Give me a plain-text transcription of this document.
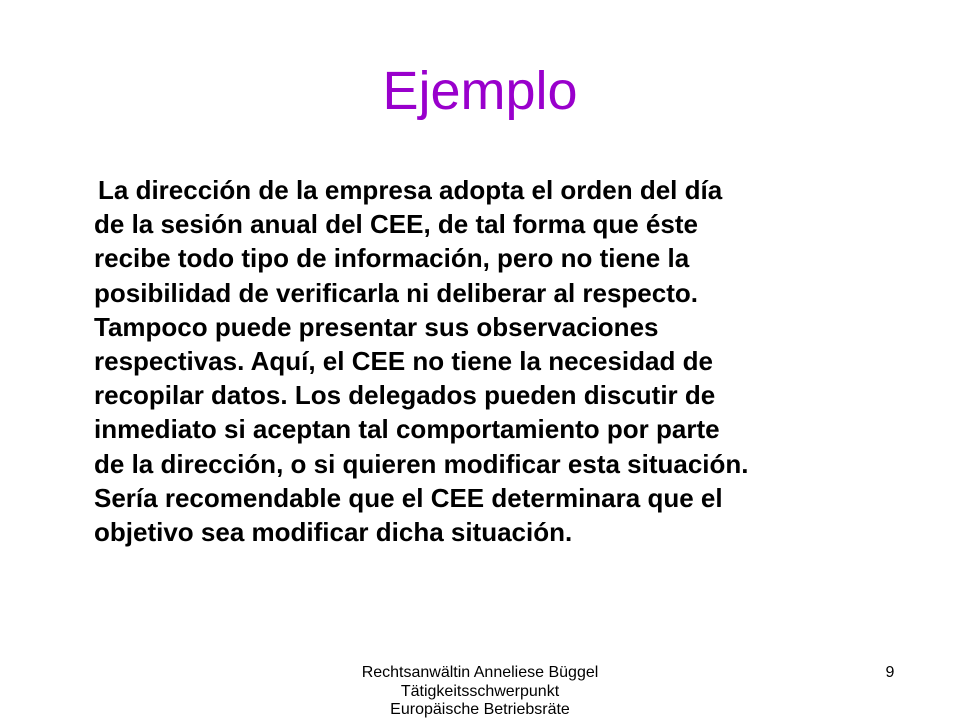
Ejemplo
La dirección de la empresa adopta el orden del día
de la sesión anual del CEE, de tal forma que éste
recibe todo tipo de información, pero no tiene la
posibilidad de verificarla ni deliberar al respecto.
Tampoco puede presentar sus observaciones
respectivas. Aquí, el CEE no tiene la necesidad de
recopilar datos. Los delegados pueden discutir de
inmediato si aceptan tal comportamiento por parte
de la dirección, o si quieren modificar esta situación.
Sería recomendable que el CEE determinara que el
objetivo sea modificar dicha situación.
Rechtsanwältin Anneliese Büggel
Tätigkeitsschwerpunkt
Europäische Betriebsräte
9
